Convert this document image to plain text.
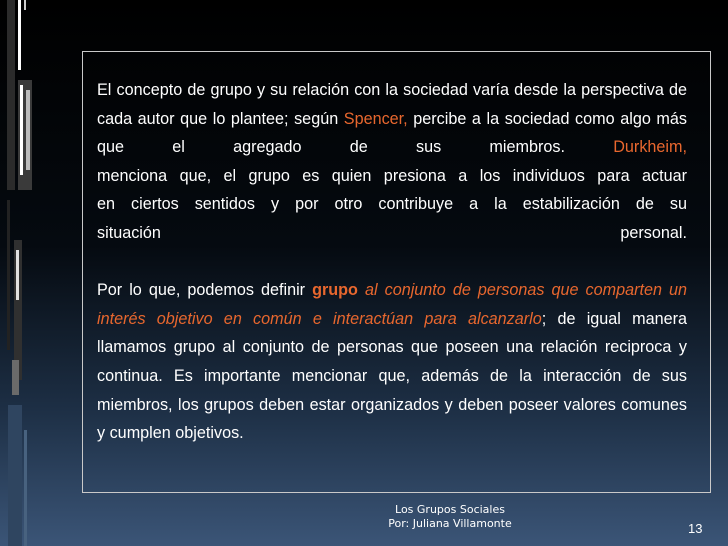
El concepto de grupo y su relación con la sociedad varía desde la perspectiva de cada autor que lo plantee; según Spencer, percibe a la sociedad como algo más que el agregado de sus miembros. Durkheim,
menciona que, el grupo es quien presiona a los individuos para actuar
en ciertos sentidos y por otro contribuye a la estabilización de su

situación personal.

Por lo que, podemos definir grupo al conjunto de personas que comparten un interés objetivo en común e interactúan para alcanzarlo; de igual manera llamamos grupo al conjunto de personas que poseen una relación reciproca y continua. Es importante mencionar que, además de la interacción de sus miembros, los grupos deben estar organizados y deben poseer valores comunes y cumplen objetivos.

Los Grupos Sociales
Por: Juliana Villamonte	13
